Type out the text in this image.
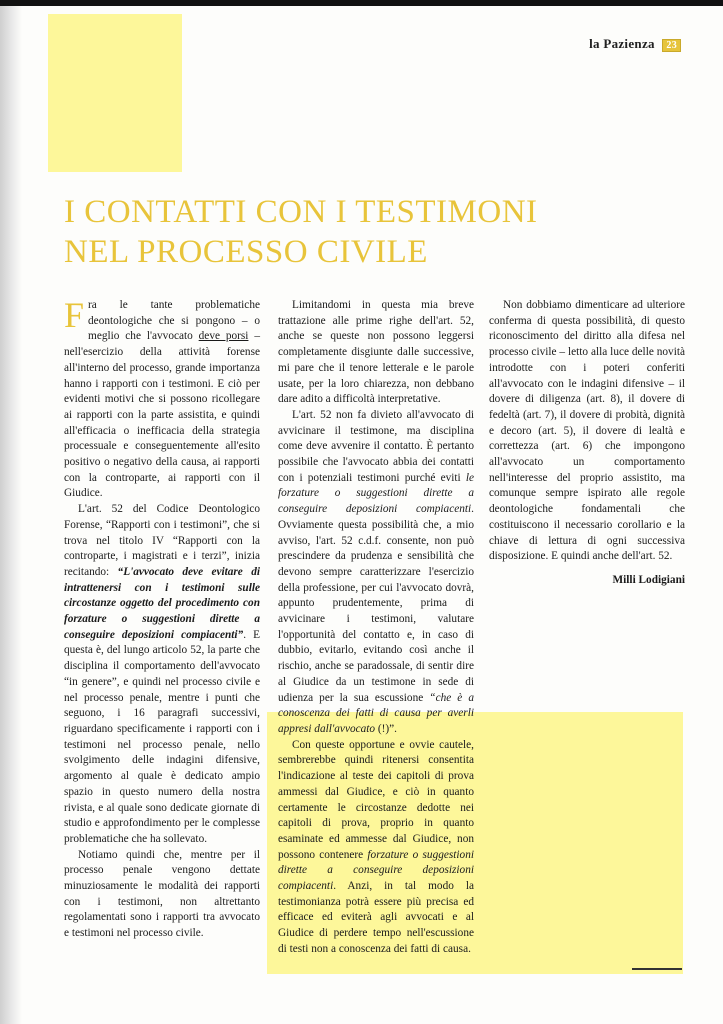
la Pazienza 23
I CONTATTI CON I TESTIMONI
NEL PROCESSO CIVILE

Fra le tante problematiche deontologiche che si pongono – o meglio che l'avvocato deve porsi – nell'esercizio della attività forense all'interno del processo, grande importanza hanno i rapporti con i testimoni. E ciò per evidenti motivi che si possono ricollegare ai rapporti con la parte assistita, e quindi all'efficacia o inefficacia della strategia processuale e conseguentemente all'esito positivo o negativo della causa, ai rapporti con la controparte, ai rapporti con il Giudice.

L'art. 52 del Codice Deontologico Forense, “Rapporti con i testimoni”, che si trova nel titolo IV “Rapporti con la controparte, i magistrati e i terzi”, inizia recitando: “L'avvocato deve evitare di intrattenersi con i testimoni sulle circostanze oggetto del procedimento con forzature o suggestioni dirette a conseguire deposizioni compiacenti”. E questa è, del lungo articolo 52, la parte che disciplina il comportamento dell'avvocato “in genere”, e quindi nel processo civile e nel processo penale, mentre i punti che seguono, i 16 paragrafi successivi, riguardano specificamente i rapporti con i testimoni nel processo penale, nello svolgimento delle indagini difensive, argomento al quale è dedicato ampio spazio in questo numero della nostra rivista, e al quale sono dedicate giornate di studio e approfondimento per le complesse problematiche che ha sollevato.

Notiamo quindi che, mentre per il processo penale vengono dettate minuziosamente le modalità dei rapporti con i testimoni, non altrettanto regolamentati sono i rapporti tra avvocato e testimoni nel processo civile.

Limitandomi in questa mia breve trattazione alle prime righe dell'art. 52, anche se queste non possono leggersi completamente disgiunte dalle successive, mi pare che il tenore letterale e le parole usate, per la loro chiarezza, non debbano dare adito a difficoltà interpretative.

L'art. 52 non fa divieto all'avvocato di avvicinare il testimone, ma disciplina come deve avvenire il contatto. È pertanto possibile che l'avvocato abbia dei contatti con i potenziali testimoni purché eviti le forzature o suggestioni dirette a conseguire deposizioni compiacenti. Ovviamente questa possibilità che, a mio avviso, l'art. 52 c.d.f. consente, non può prescindere da prudenza e sensibilità che devono sempre caratterizzare l'esercizio della professione, per cui l'avvocato dovrà, appunto prudentemente, prima di avvicinare i testimoni, valutare l'opportunità del contatto e, in caso di dubbio, evitarlo, evitando così anche il rischio, anche se paradossale, di sentir dire al Giudice da un testimone in sede di udienza per la sua escussione “che è a conoscenza dei fatti di causa per averli appresi dall'avvocato (!)”.

Con queste opportune e ovvie cautele, sembrerebbe quindi ritenersi consentita l'indicazione al teste dei capitoli di prova ammessi dal Giudice, e ciò in quanto certamente le circostanze dedotte nei capitoli di prova, proprio in quanto esaminate ed ammesse dal Giudice, non possono contenere forzature o suggestioni dirette a conseguire deposizioni compiacenti. Anzi, in tal modo la testimonianza potrà essere più precisa ed efficace ed eviterà agli avvocati e al Giudice di perdere tempo nell'escussione di testi non a conoscenza dei fatti di causa.

Non dobbiamo dimenticare ad ulteriore conferma di questa possibilità, di questo riconoscimento del diritto alla difesa nel processo civile – letto alla luce delle novità introdotte con i poteri conferiti all'avvocato con le indagini difensive – il dovere di diligenza (art. 8), il dovere di fedeltà (art. 7), il dovere di probità, dignità e decoro (art. 5), il dovere di lealtà e correttezza (art. 6) che impongono all'avvocato un comportamento nell'interesse del proprio assistito, ma comunque sempre ispirato alle regole deontologiche fondamentali che costituiscono il necessario corollario e la chiave di lettura di ogni successiva disposizione. E quindi anche dell'art. 52.

Milli Lodigiani
